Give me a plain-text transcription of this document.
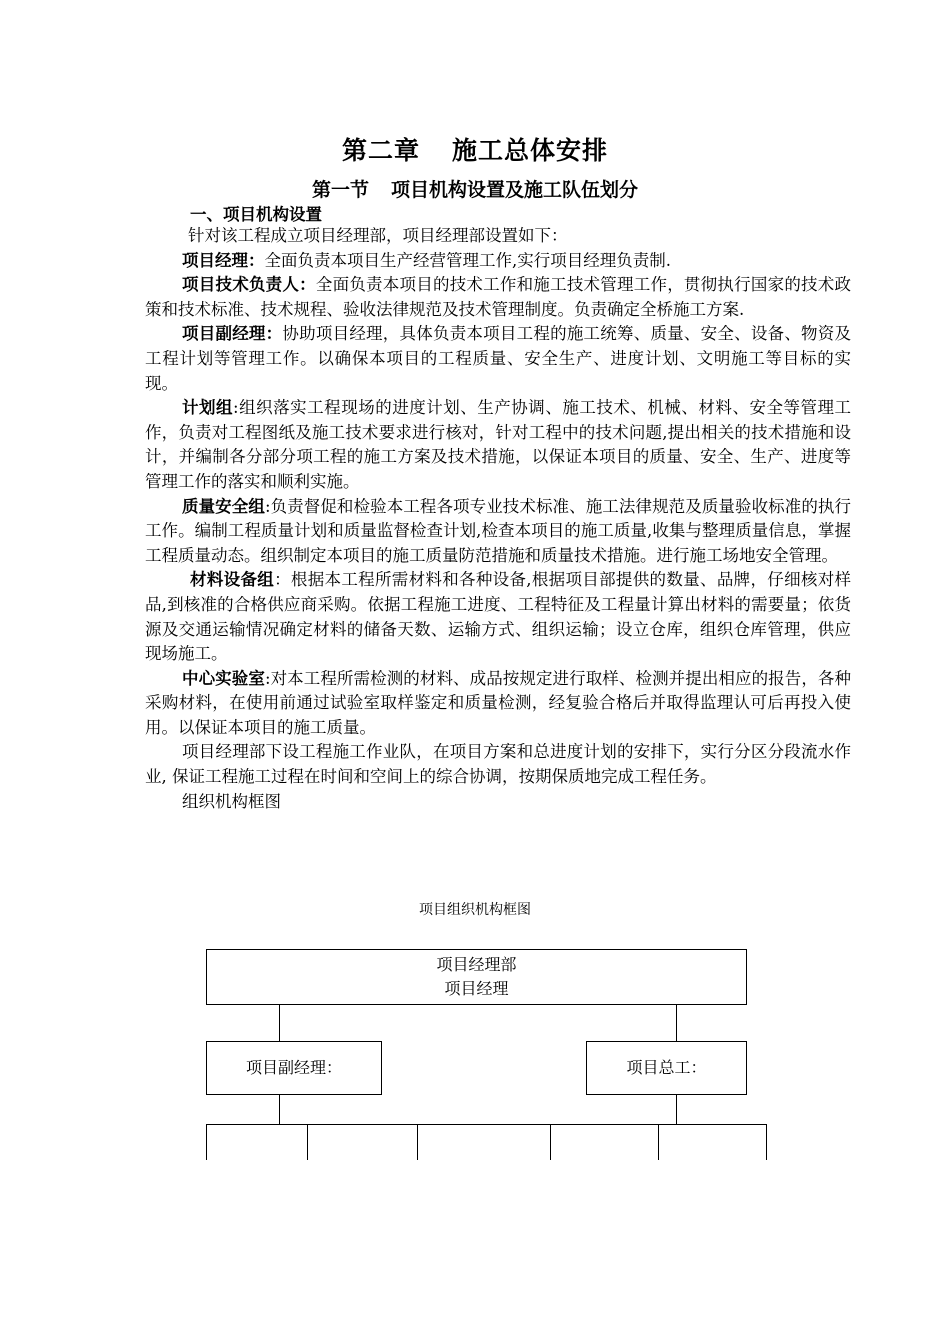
第二章 施工总体安排
第一节 项目机构设置及施工队伍划分
一、项目机构设置

针对该工程成立项目经理部，项目经理部设置如下：

项目经理：全面负责本项目生产经营管理工作,实行项目经理负责制.

项目技术负责人：全面负责本项目的技术工作和施工技术管理工作，贯彻执行国家的技术政策和技术标准、技术规程、验收法律规范及技术管理制度。负责确定全桥施工方案.

项目副经理：协助项目经理，具体负责本项目工程的施工统筹、质量、安全、设备、物资及工程计划等管理工作。以确保本项目的工程质量、安全生产、进度计划、文明施工等目标的实现。

计划组:组织落实工程现场的进度计划、生产协调、施工技术、机械、材料、安全等管理工作，负责对工程图纸及施工技术要求进行核对，针对工程中的技术问题,提出相关的技术措施和设计，并编制各分部分项工程的施工方案及技术措施，以保证本项目的质量、安全、生产、进度等管理工作的落实和顺利实施。

质量安全组:负责督促和检验本工程各项专业技术标准、施工法律规范及质量验收标准的执行工作。编制工程质量计划和质量监督检查计划,检查本项目的施工质量,收集与整理质量信息，掌握工程质量动态。组织制定本项目的施工质量防范措施和质量技术措施。进行施工场地安全管理。

材料设备组：根据本工程所需材料和各种设备,根据项目部提供的数量、品牌，仔细核对样品,到核准的合格供应商采购。依据工程施工进度、工程特征及工程量计算出材料的需要量；依货源及交通运输情况确定材料的储备天数、运输方式、组织运输；设立仓库，组织仓库管理，供应现场施工。

中心实验室:对本工程所需检测的材料、成品按规定进行取样、检测并提出相应的报告，各种采购材料，在使用前通过试验室取样鉴定和质量检测，经复验合格后并取得监理认可后再投入使用。以保证本项目的施工质量。

项目经理部下设工程施工作业队，在项目方案和总进度计划的安排下，实行分区分段流水作业, 保证工程施工过程在时间和空间上的综合协调，按期保质地完成工程任务。

组织机构框图

项目组织机构框图
项目经理部
项目经理
项目副经理：	项目总工：
